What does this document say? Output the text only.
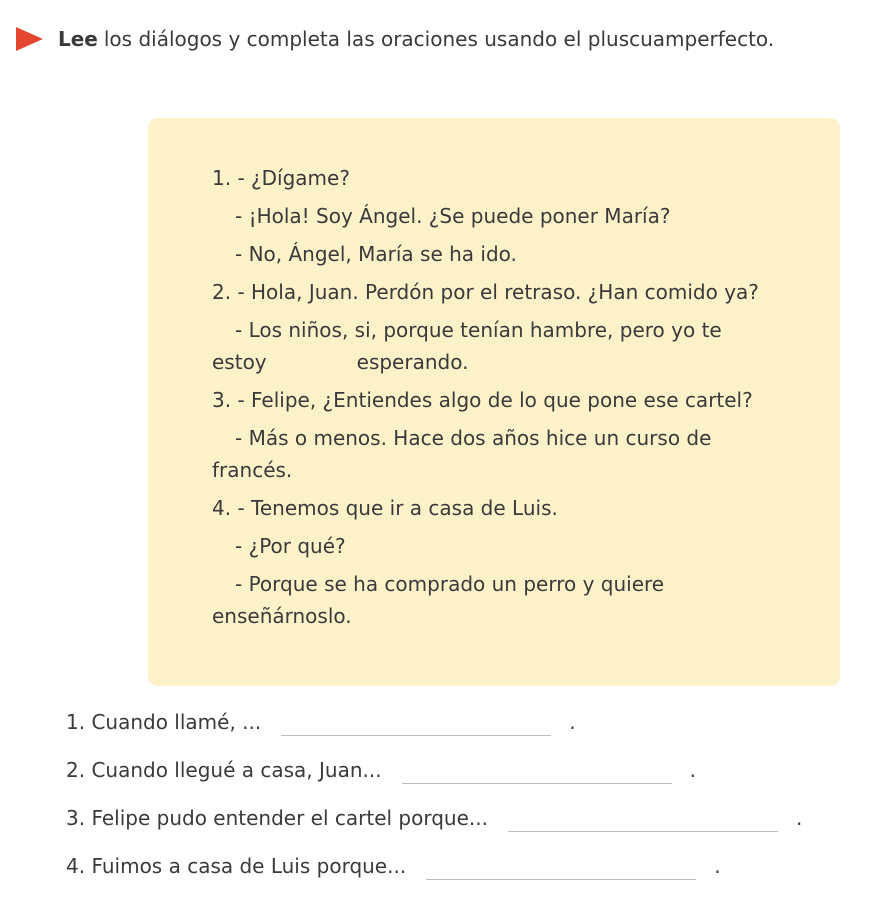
Lee los diálogos y completa las oraciones usando el pluscuamperfecto.

1. - ¿Dígame?

- ¡Hola! Soy Ángel. ¿Se puede poner María?

- No, Ángel, María se ha ido.

2. - Hola, Juan. Perdón por el retraso. ¿Han comido ya?

- Los niños, si, porque tenían hambre, pero yo te

estoy	esperando.

3. - Felipe, ¿Entiendes algo de lo que pone ese cartel?

- Más o menos. Hace dos años hice un curso de

francés.

4. - Tenemos que ir a casa de Luis.

- ¿Por qué?

- Porque se ha comprado un perro y quiere

enseñárnoslo.

1. Cuando llamé, ...	.
2. Cuando llegué a casa, Juan...	.
3. Felipe pudo entender el cartel porque...	.
4. Fuimos a casa de Luis porque...	.
